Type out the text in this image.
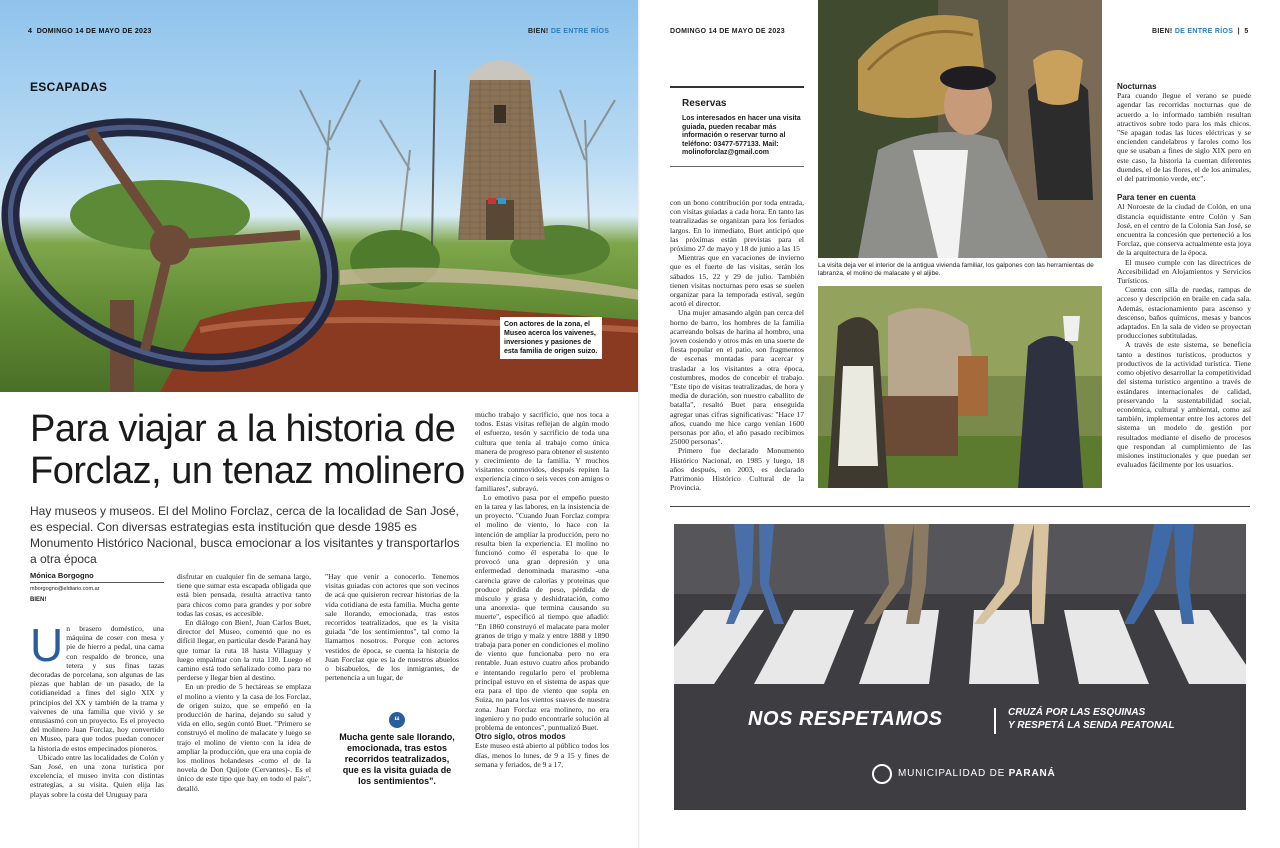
4 DOMINGO 14 DE MAYO DE 2023	BIEN! DE ENTRE RÍOS
ESCAPADAS
Con actores de la zona, el Museo acerca los vaivenes, inversiones y pasiones de esta familia de origen suizo.
Para viajar a la historia de Forclaz, un tenaz molinero

Hay museos y museos. El del Molino Forclaz, cerca de la localidad de San José, es especial. Con diversas estrategias esta institución que desde 1985 es Monumento Histórico Nacional, busca emocionar a los visitantes y transportarlos a otra época

Mónica Borgogno
mborgogno@eldiario.com.ar
BIEN!

Un brasero doméstico, una máquina de coser con mesa y pie de hierro a pedal, una cama con respaldo de bronce, una tetera y sus finas tazas decoradas de porcelana, son algunas de las piezas que hablan de un pasado, de la cotidianeidad a fines del siglo XIX y principios del XX y también de la trama y vaivenes de una familia que vivió y se entusiasmó con un proyecto. Es el proyecto del molinero Juan Forclaz, hoy convertido en Museo, para que todos puedan conocer la historia de estos empecinados pioneros.

Ubicado entre las localidades de Colón y San José, en una zona turística por excelencia, el museo invita con distintas estrategias, a su visita. Quien elija las playas sobre la costa del Uruguay para

disfrutar en cualquier fin de semana largo, tiene que sumar esta escapada obligada que está bien pensada, resulta atractiva tanto para chicos como para grandes y por sobre todas las cosas, es accesible.

En diálogo con Bien!, Juan Carlos Buet, director del Museo, comentó que no es difícil llegar, en particular desde Paraná hay que tomar la ruta 18 hasta Villaguay y luego empalmar con la ruta 130. Luego el camino está todo señalizado como para no perderse y llegar bien al destino.

En un predio de 5 hectáreas se emplaza el molino a viento y la casa de los Forclaz, de origen suizo, que se empeñó en la producción de harina, dejando su salud y vida en ello, según contó Buet. "Primero se construyó el molino de malacate y luego se trajo el molino de viento con la idea de ampliar la producción, que era una copia de los molinos holandeses -como el de la novela de Don Quijote (Cervantes)-. Es el único de este tipo que hay en todo el país", detalló.

"Hay que venir a conocerlo. Tenemos visitas guiadas con actores que son vecinos de acá que quisieron recrear historias de la vida cotidiana de esta familia. Mucha gente sale llorando, emocionada, tras estos recorridos teatralizados, que es la visita guiada "de los sentimientos", tal como la llamamos nosotros. Porque con actores vestidos de época, se cuenta la historia de Juan Forclaz que es la de nuestros abuelos o bisabuelos, de los inmigrantes, de pertenencia a un lugar, de

“
Mucha gente sale llorando, emocionada, tras estos recorridos teatralizados, que es la visita guiada de los sentimientos".

mucho trabajo y sacrificio, que nos toca a todos. Estas visitas reflejan de algún modo el esfuerzo, tesón y sacrificio de toda una cultura que tenía al trabajo como única manera de progreso para obtener el sustento y crecimiento de la familia. Y muchos visitantes conmovidos, después repiten la experiencia cinco o seis veces con amigos o familiares", subrayó.

Lo emotivo pasa por el empeño puesto en la tarea y las labores, en la insistencia de un proyecto. "Cuando Juan Forclaz compra el molino de viento, lo hace con la intención de ampliar la producción, pero no resulta bien la experiencia. El molino no funcionó como él esperaba lo que le provocó una gran depresión y una enfermedad denominada marasmo -una carencia grave de calorías y proteínas que produce pérdida de peso, pérdida de músculo y grasa y deshidratación, como una anorexia- que termina causando su muerte", especificó al tiempo que añadió: "En 1860 construyó el malacate para moler granos de trigo y maíz y entre 1888 y 1890 trabaja para poner en condiciones el molino de viento que funcionaba pero no era rentable. Juan estuvo cuatro años probando e intentando regularlo pero el problema principal estuvo en el sistema de aspas que era para el tipo de viento que sopla en Suiza, no para los vientos suaves de nuestra zona. Juan Forclaz era molinero, no era ingeniero y no pudo encontrarle solución al problema de entonces", puntualizó Buet.

Otro siglo, otros modos

Este museo está abierto al público todos los días, menos lo lunes, de 9 a 15 y fines de semana y feriados, de 9 a 17,

DOMINGO 14 DE MAYO DE 2023	BIEN! DE ENTRE RÍOS  |  5
Reservas
Los interesados en hacer una visita guiada, pueden recabar más información o reservar turno al teléfono: 03477-577133. Mail: molinoforclaz@gmail.com

con un bono contribución por toda entrada, con visitas guiadas a cada hora. En tanto las teatralizadas se organizan para los feriados largos. En lo inmediato, Buet anticipó que las próximas están previstas para el próximo 27 de mayo y 18 de junio a las 15

Mientras que en vacaciones de invierno que es el fuerte de las visitas, serán los sábados 15, 22 y 29 de julio. También tienen visitas nocturnas pero esas se suelen organizar para la temporada estival, según acotó el director.

Una mujer amasando algún pan cerca del horno de barro, los hombres de la familia acarreando bolsas de harina al hombro, una joven cosiendo y otros más en una suerte de fiesta popular en el patio, son fragmentos de escenas montadas para acercar y trasladar a los visitantes a otra época, costumbres, modos de concebir el trabajo. "Este tipo de visitas teatralizadas, de hora y media de duración, son nuestro caballito de batalla", resaltó Buet para enseguida agregar unas cifras significativas: "Hace 17 años, cuando me hice cargo venían 1600 personas por año, el año pasado recibimos 25000 personas".

Primero fue declarado Monumento Histórico Nacional, en 1985 y luego, 18 años después, en 2003, es declarado Patrimonio Histórico Cultural de la Provincia.

La visita deja ver el interior de la antigua vivienda familiar, los galpones con las herramientas de labranza, el molino de malacate y el aljibe.

Nocturnas

Para cuando llegue el verano se puede agendar las recorridas nocturnas que de acuerdo a lo informado también resultan atractivos sobre todo para los más chicos. "Se apagan todas las luces eléctricas y se encienden candelabros y faroles como los que se usaban a fines de siglo XIX pero en este caso, la historia la cuentan diferentes duendes, el de las flores, el de los animales, el del patrimonio verde, etc".

Para tener en cuenta

Al Noroeste de la ciudad de Colón, en una distancia equidistante entre Colón y San José, en el centro de la Colonia San José, se encuentra la concesión que perteneció a los Forclaz, que conserva actualmente esta joya de la arquitectura de la época.

El museo cumple con las directrices de Accesibilidad en Alojamientos y Servicios Turísticos.

Cuenta con silla de ruedas, rampas de acceso y descripción en braile en cada sala. Además, estacionamiento para ascenso y descenso, baños químicos, mesas y bancos adaptados. En la sala de video se proyectan producciones subtituladas.

A través de este sistema, se beneficia tanto a destinos turísticos, productos y productivos de la actividad turística. Tiene como objetivo desarrollar la competitividad del sistema turístico argentino a través de estándares internacionales de calidad, preservando la sustentabilidad social, económica, cultural y ambiental, como así también, implementar entre los actores del sistema un modelo de gestión por resultados mediante el diseño de procesos que respondan al cumplimiento de las misiones institucionales y que puedan ser evaluados fácilmente por los usuarios.

NOS RESPETAMOS	CRUZÁ POR LAS ESQUINAS
Y RESPETÁ LA SENDA PEATONAL
MUNICIPALIDAD DE PARANÁ
